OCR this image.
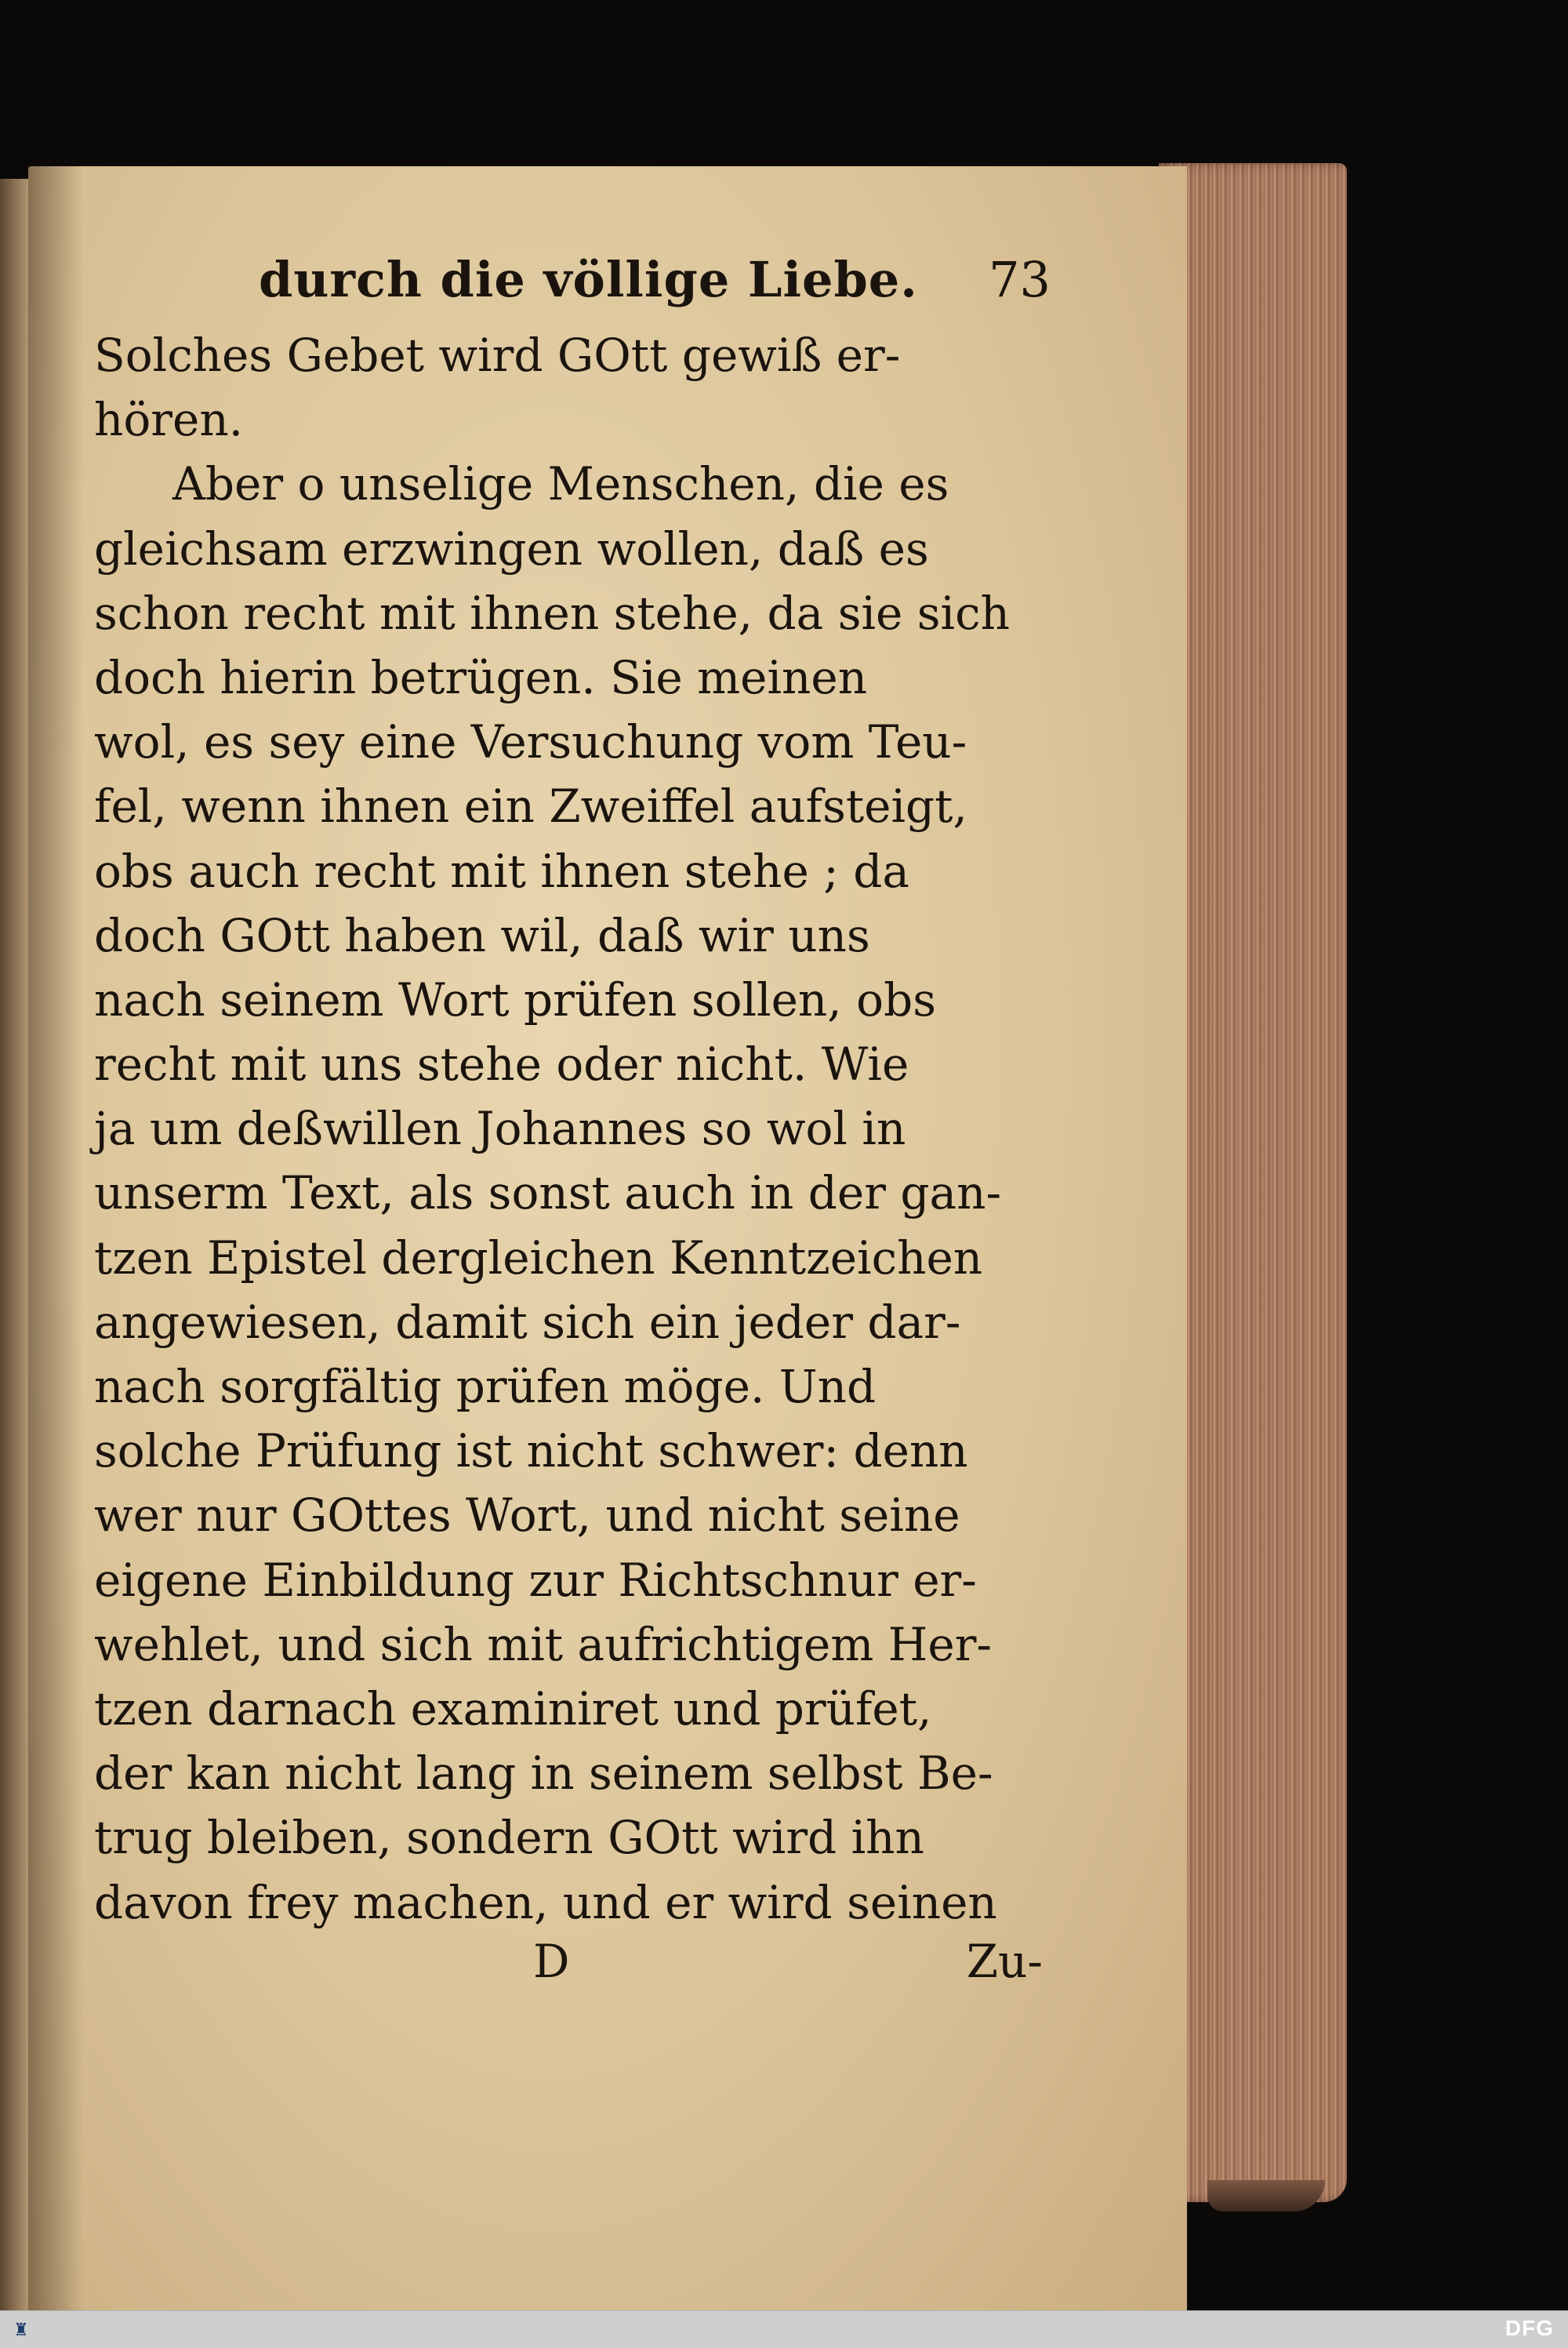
durch die völlige Liebe. 73
Solches Gebet wird GOtt gewiß er-
hören.
Aber o unselige Menschen, die es
gleichsam erzwingen wollen, daß es
schon recht mit ihnen stehe, da sie sich
doch hierin betrügen. Sie meinen
wol, es sey eine Versuchung vom Teu-
fel, wenn ihnen ein Zweiffel aufsteigt,
obs auch recht mit ihnen stehe ; da
doch GOtt haben wil, daß wir uns
nach seinem Wort prüfen sollen, obs
recht mit uns stehe oder nicht. Wie
ja um deßwillen Johannes so wol in
unserm Text, als sonst auch in der gan-
tzen Epistel dergleichen Kenntzeichen
angewiesen, damit sich ein jeder dar-
nach sorgfältig prüfen möge. Und
solche Prüfung ist nicht schwer: denn
wer nur GOttes Wort, und nicht seine
eigene Einbildung zur Richtschnur er-
wehlet, und sich mit aufrichtigem Her-
tzen darnach examiniret und prüfet,
der kan nicht lang in seinem selbst Be-
trug bleiben, sondern GOtt wird ihn
davon frey machen, und er wird seinen
D	Zu-
♜	DFG
